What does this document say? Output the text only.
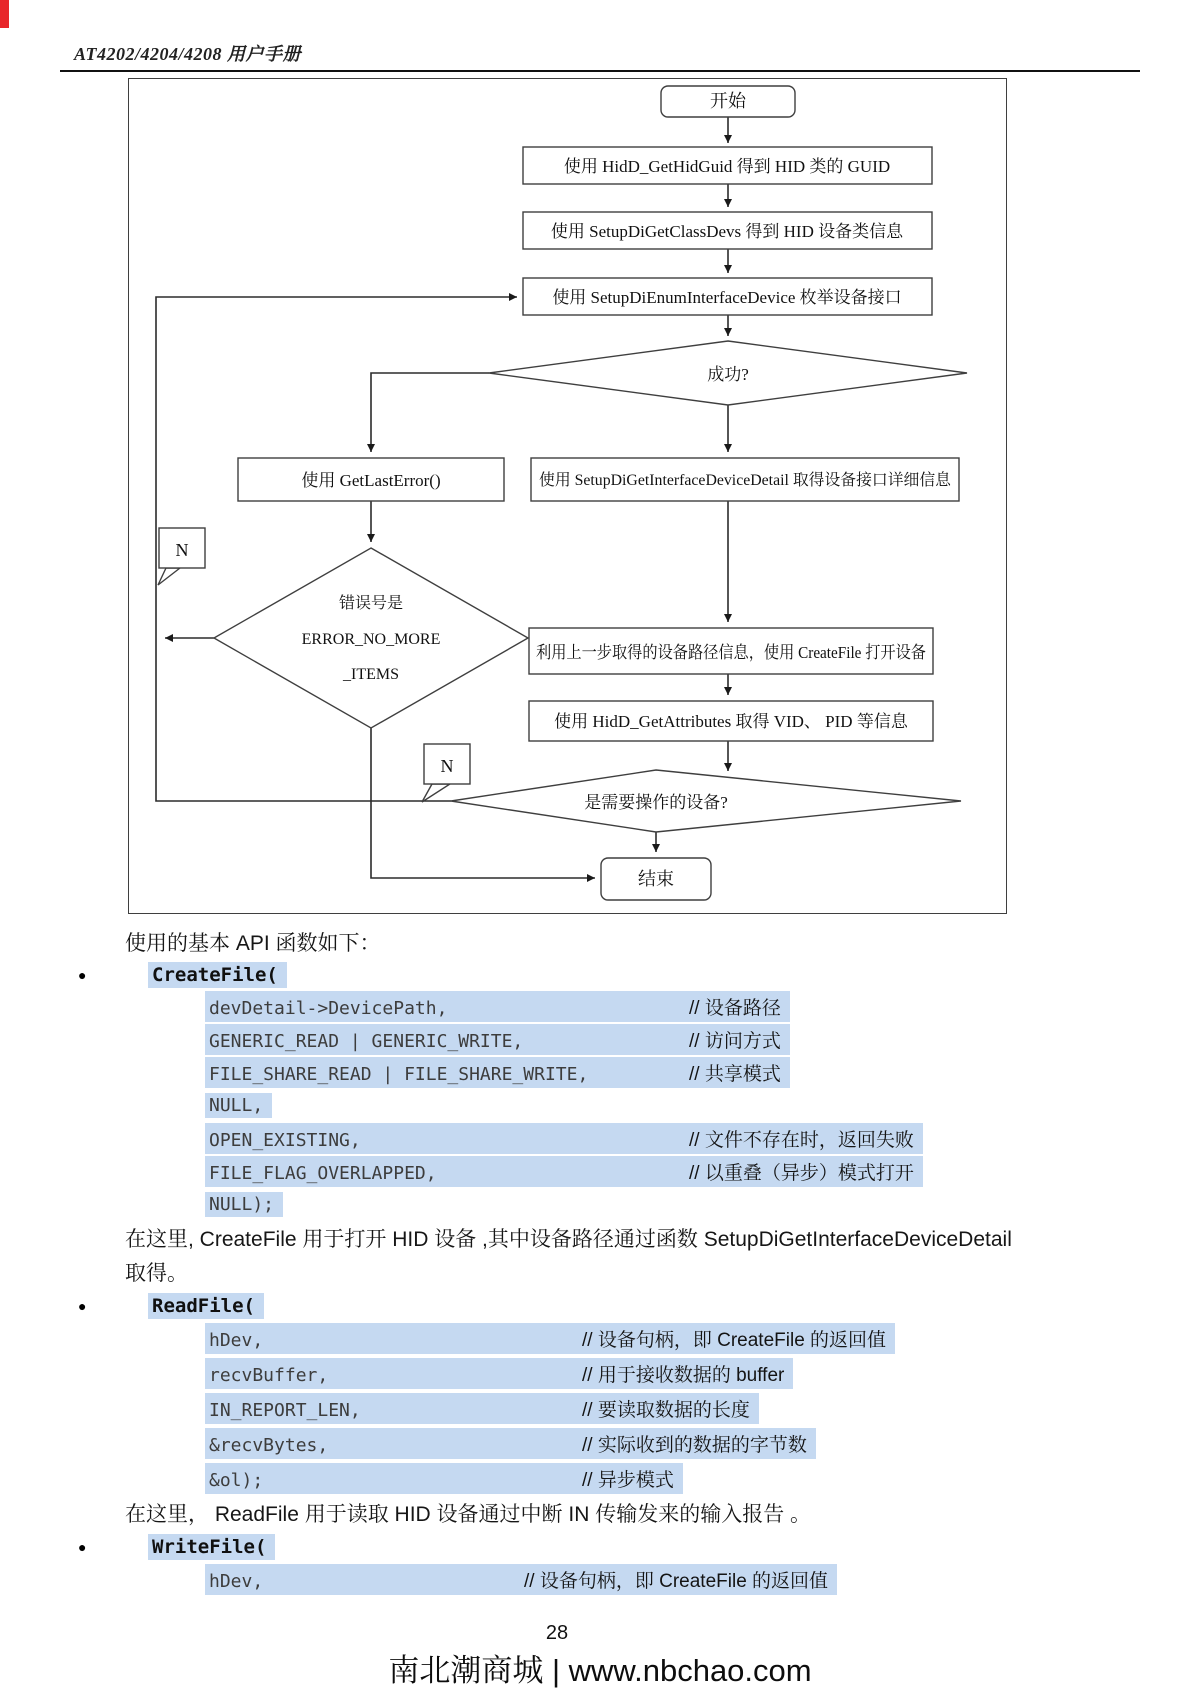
AT4202/4204/4208 用户手册
开始
使用 HidD_GetHidGuid 得到 HID 类的 GUID
使用 SetupDiGetClassDevs 得到 HID 设备类信息
使用 SetupDiEnumInterfaceDevice 枚举设备接口
成功?
使用 GetLastError()	使用 SetupDiGetInterfaceDeviceDetail 取得设备接口详细信息
错误号是
ERROR_NO_MORE
_ITEMS
利用上一步取得的设备路径信息，使用 CreateFile 打开设备
使用 HidD_GetAttributes 取得 VID、 PID 等信息
是需要操作的设备?
结束
N
N
使用的基本 API 函数如下：
●	CreateFile(
devDetail->DevicePath,	// 设备路径
GENERIC_READ | GENERIC_WRITE,	// 访问方式
FILE_SHARE_READ | FILE_SHARE_WRITE,	// 共享模式
NULL,
OPEN_EXISTING,	// 文件不存在时，返回失败
FILE_FLAG_OVERLAPPED,	// 以重叠（异步）模式打开
NULL);
在这里, CreateFile 用于打开 HID 设备 ,其中设备路径通过函数 SetupDiGetInterfaceDeviceDetail
取得。
●	ReadFile(
hDev,	// 设备句柄，即 CreateFile 的返回值
recvBuffer,	// 用于接收数据的 buffer
IN_REPORT_LEN,	// 要读取数据的长度
&recvBytes,	// 实际收到的数据的字节数
&ol);	// 异步模式
在这里， ReadFile 用于读取 HID 设备通过中断 IN 传输发来的输入报告 。
●	WriteFile(
hDev,	// 设备句柄，即 CreateFile 的返回值
28
南北潮商城 | www.nbchao.com
